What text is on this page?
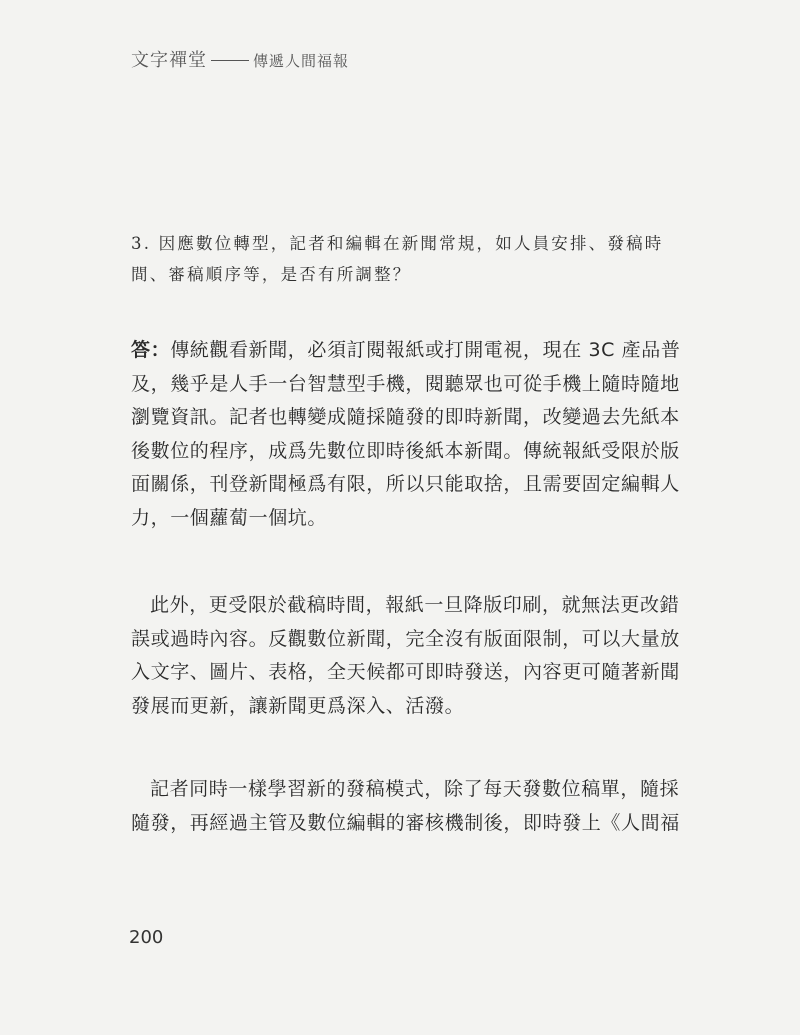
文字禪堂	傳遞人間福報

3. 因應數位轉型，記者和編輯在新聞常規，如人員安排、發稿時
間、審稿順序等，是否有所調整？

答：傳統觀看新聞，必須訂閱報紙或打開電視，現在 3C 產品普
及，幾乎是人手一台智慧型手機，閱聽眾也可從手機上隨時隨地
瀏覽資訊。記者也轉變成隨採隨發的即時新聞，改變過去先紙本
後數位的程序，成爲先數位即時後紙本新聞。傳統報紙受限於版
面關係，刊登新聞極爲有限，所以只能取捨，且需要固定編輯人
力，一個蘿蔔一個坑。

此外，更受限於截稿時間，報紙一旦降版印刷，就無法更改錯
誤或過時內容。反觀數位新聞，完全沒有版面限制，可以大量放
入文字、圖片、表格，全天候都可即時發送，內容更可隨著新聞
發展而更新，讓新聞更爲深入、活潑。

記者同時一樣學習新的發稿模式，除了每天發數位稿單，隨採
隨發，再經過主管及數位編輯的審核機制後，即時發上《人間福

200
